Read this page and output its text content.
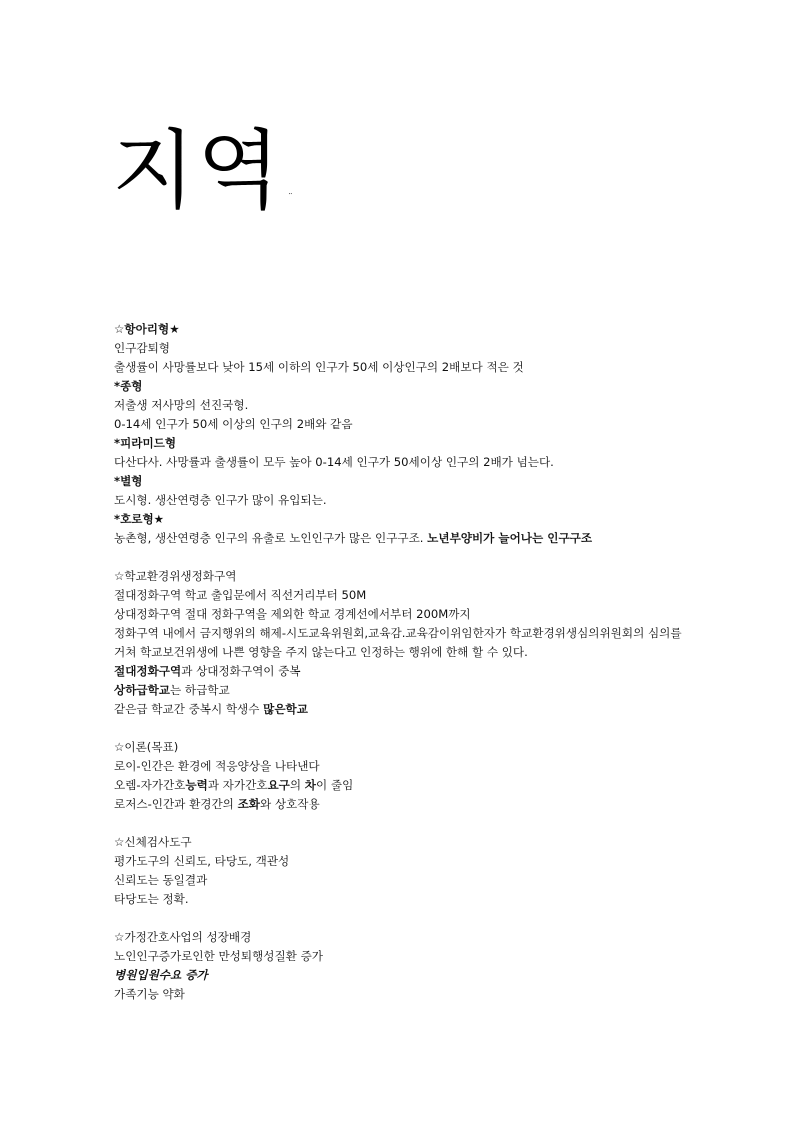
지역 ᆢ
☆항아리형★
인구감퇴형
출생률이 사망률보다 낮아 15세 이하의 인구가 50세 이상인구의 2배보다 적은 것
*종형
저출생 저사망의 선진국형.
0-14세 인구가 50세 이상의 인구의 2배와 같음
*피라미드형
다산다사. 사망률과 출생률이 모두 높아 0-14세 인구가 50세이상 인구의 2배가 넘는다.
*별형
도시형. 생산연령층 인구가 많이 유입되는.
*호로형★
농촌형, 생산연령층 인구의 유출로 노인인구가 많은 인구구조. 노년부양비가 늘어나는 인구구조
☆학교환경위생정화구역
절대정화구역 학교 출입문에서 직선거리부터 50M
상대정화구역 절대 정화구역을 제외한 학교 경계선에서부터 200M까지
정화구역 내에서 금지행위의 해제-시도교육위원회,교육감.교육감이위임한자가 학교환경위생심의위원회의 심의를 거쳐 학교보건위생에 나쁜 영향을 주지 않는다고 인정하는 행위에 한해 할 수 있다.
절대정화구역과 상대정화구역이 중복
상하급학교는 하급학교
같은급 학교간 중복시 학생수 많은학교
☆이론(목표)
로이-인간은 환경에 적응양상을 나타낸다
오렘-자가간호능력과 자가간호요구의 차이 줄임
로저스-인간과 환경간의 조화와 상호작용
☆신체검사도구
평가도구의 신뢰도, 타당도, 객관성
신뢰도는 동일결과
타당도는 정확.
☆가정간호사업의 성장배경
노인인구증가로인한 만성퇴행성질환 증가
병원입원수요 증가
가족기능 약화
